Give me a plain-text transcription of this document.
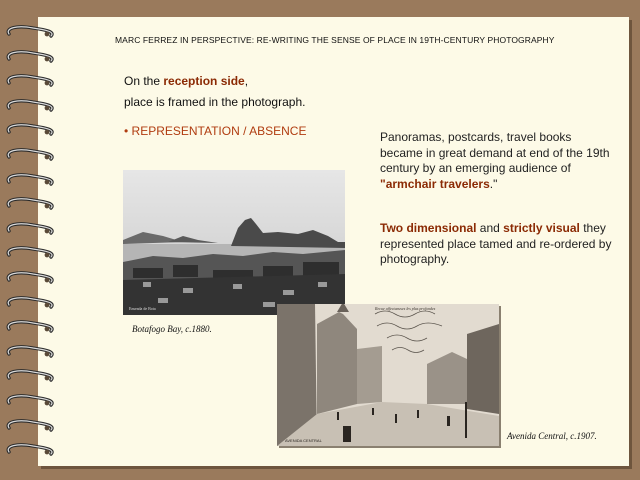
MARC FERREZ IN PERSPECTIVE: RE-WRITING THE SENSE OF PLACE IN 19TH-CENTURY PHOTOGRAPHY
On the reception side,
place is framed in the photograph.
• REPRESENTATION / ABSENCE	Panoramas, postcards, travel books became in great demand at end of the 19th century by an emerging audience of "armchair travelers."
Two dimensional and strictly visual they represented place tamed and re-ordered by photography.
Enseada de Bota
Botafogo Bay, c.1880.
Recue affectueuses les plus profondes
AVENIDA CENTRAL	Avenida Central, c.1907.
